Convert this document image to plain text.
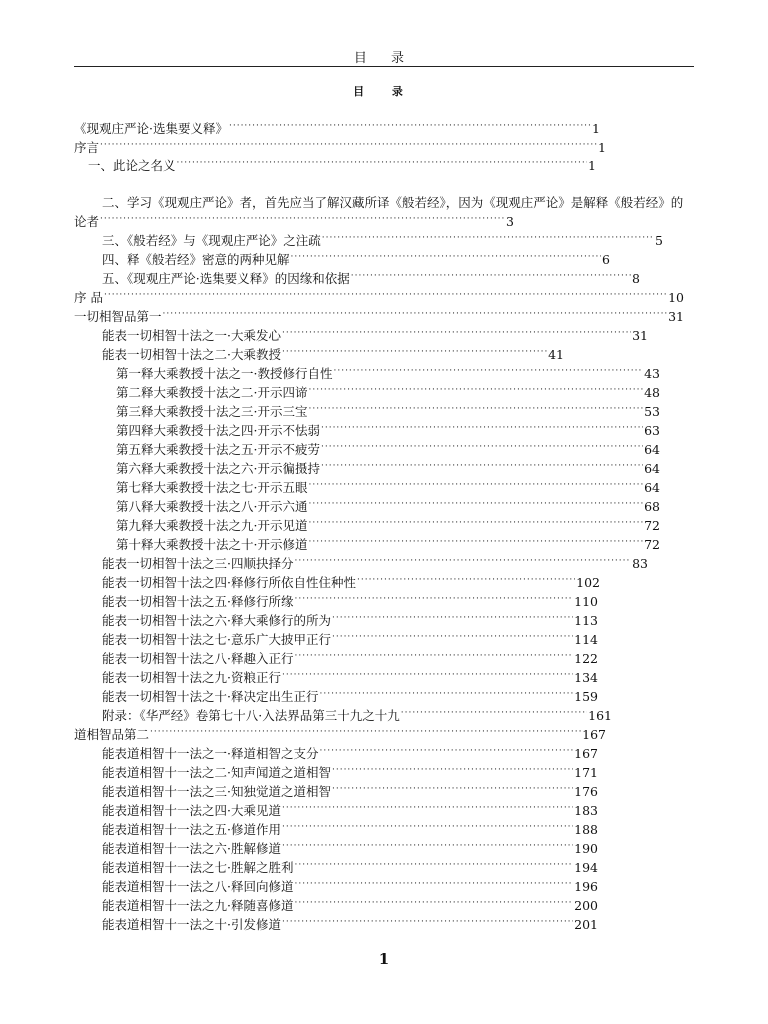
目 录
目 录
《现观庄严论·选集要义释》 ·····	1
序言 ·····	1
一、此论之名义 ·····	1
二、学习《现观庄严论》者，首先应当了解汉藏所译《般若经》，因为《现观庄严论》是解释《般若经》的
论者 ·····	3
三、《般若经》与《现观庄严论》之注疏 ·····	5
四、释《般若经》密意的两种见解 ·····	6
五、《现观庄严论·选集要义释》的因缘和依据 ·····	8
序 品 ·····	10
一切相智品第一 ·····	31
能表一切相智十法之一·大乘发心 ·····	31
能表一切相智十法之二·大乘教授 ·····	41
第一释大乘教授十法之一·教授修行自性 ·····	43
第二释大乘教授十法之二·开示四谛 ·····	48
第三释大乘教授十法之三·开示三宝 ·····	53
第四释大乘教授十法之四·开示不怯弱 ·····	63
第五释大乘教授十法之五·开示不疲劳 ·····	64
第六释大乘教授十法之六·开示徧摄持 ·····	64
第七释大乘教授十法之七·开示五眼 ·····	64
第八释大乘教授十法之八·开示六通 ·····	68
第九释大乘教授十法之九·开示见道 ·····	72
第十释大乘教授十法之十·开示修道 ·····	72
能表一切相智十法之三·四顺抉择分 ·····	83
能表一切相智十法之四·释修行所依自性住种性 ·····	102
能表一切相智十法之五·释修行所缘 ·····	110
能表一切相智十法之六·释大乘修行的所为 ·····	113
能表一切相智十法之七·意乐广大披甲正行 ·····	114
能表一切相智十法之八·释趣入正行 ·····	122
能表一切相智十法之九·资粮正行 ·····	134
能表一切相智十法之十·释决定出生正行 ·····	159
附录：《华严经》卷第七十八·入法界品第三十九之十九 ·····	161
道相智品第二 ·····	167
能表道相智十一法之一·释道相智之支分 ·····	167
能表道相智十一法之二·知声闻道之道相智 ·····	171
能表道相智十一法之三·知独觉道之道相智 ·····	176
能表道相智十一法之四·大乘见道 ·····	183
能表道相智十一法之五·修道作用 ·····	188
能表道相智十一法之六·胜解修道 ·····	190
能表道相智十一法之七·胜解之胜利 ·····	194
能表道相智十一法之八·释回向修道 ·····	196
能表道相智十一法之九·释随喜修道 ·····	200
能表道相智十一法之十·引发修道 ·····	201
1
